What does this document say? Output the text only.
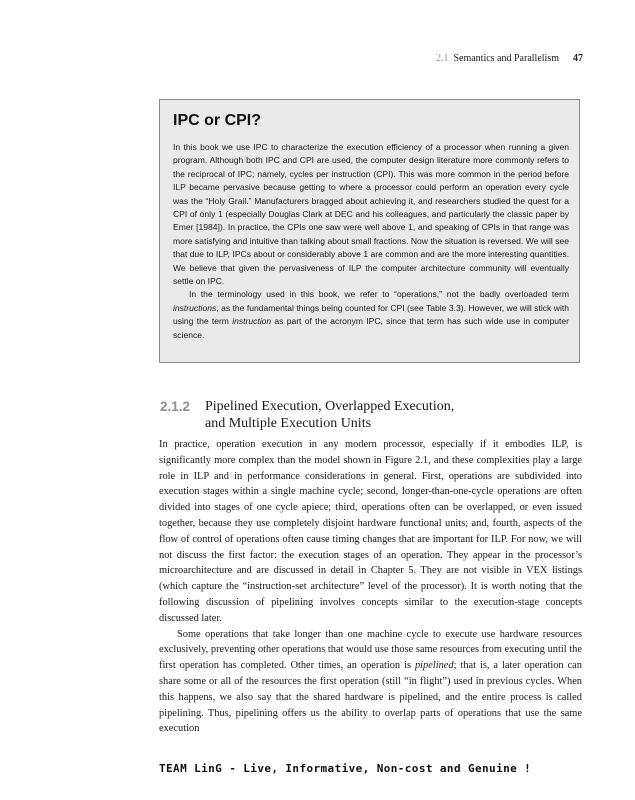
2.1 Semantics and Parallelism 47
IPC or CPI?

In this book we use IPC to characterize the execution efficiency of a processor when running a given program. Although both IPC and CPI are used, the computer design literature more commonly refers to the reciprocal of IPC; namely, cycles per instruction (CPI). This was more common in the period before ILP became pervasive because getting to where a processor could perform an operation every cycle was the “Holy Grail.” Manufacturers bragged about achieving it, and researchers studied the quest for a CPI of only 1 (especially Douglas Clark at DEC and his colleagues, and particularly the classic paper by Emer [1984]). In practice, the CPIs one saw were well above 1, and speaking of CPIs in that range was more satisfying and intuitive than talking about small fractions. Now the situation is reversed. We will see that due to ILP, IPCs about or considerably above 1 are common and are the more interesting quantities. We believe that given the pervasiveness of ILP the computer architecture community will eventually settle on IPC.

In the terminology used in this book, we refer to “operations,” not the badly overloaded term instructions, as the fundamental things being counted for CPI (see Table 3.3). However, we will stick with using the term instruction as part of the acronym IPC, since that term has such wide use in computer science.

2.1.2 Pipelined Execution, Overlapped Execution,
and Multiple Execution Units

In practice, operation execution in any modern processor, especially if it embodies ILP, is significantly more complex than the model shown in Figure 2.1, and these complexities play a large role in ILP and in performance considerations in general. First, operations are subdivided into execution stages within a single machine cycle; second, longer-than-one-cycle operations are often divided into stages of one cycle apiece; third, operations often can be overlapped, or even issued together, because they use completely disjoint hardware functional units; and, fourth, aspects of the flow of control of operations often cause timing changes that are important for ILP. For now, we will not discuss the first factor: the execution stages of an operation. They appear in the processor’s microarchitecture and are discussed in detail in Chapter 5. They are not visible in VEX listings (which capture the “instruction-set architecture” level of the processor). It is worth noting that the following discussion of pipelining involves concepts similar to the execution-stage concepts discussed later.

Some operations that take longer than one machine cycle to execute use hardware resources exclusively, preventing other operations that would use those same resources from executing until the first operation has completed. Other times, an operation is pipelined; that is, a later operation can share some or all of the resources the first operation (still “in flight”) used in previous cycles. When this happens, we also say that the shared hardware is pipelined, and the entire process is called pipelining. Thus, pipelining offers us the ability to overlap parts of operations that use the same execution

TEAM LinG - Live, Informative, Non-cost and Genuine !
